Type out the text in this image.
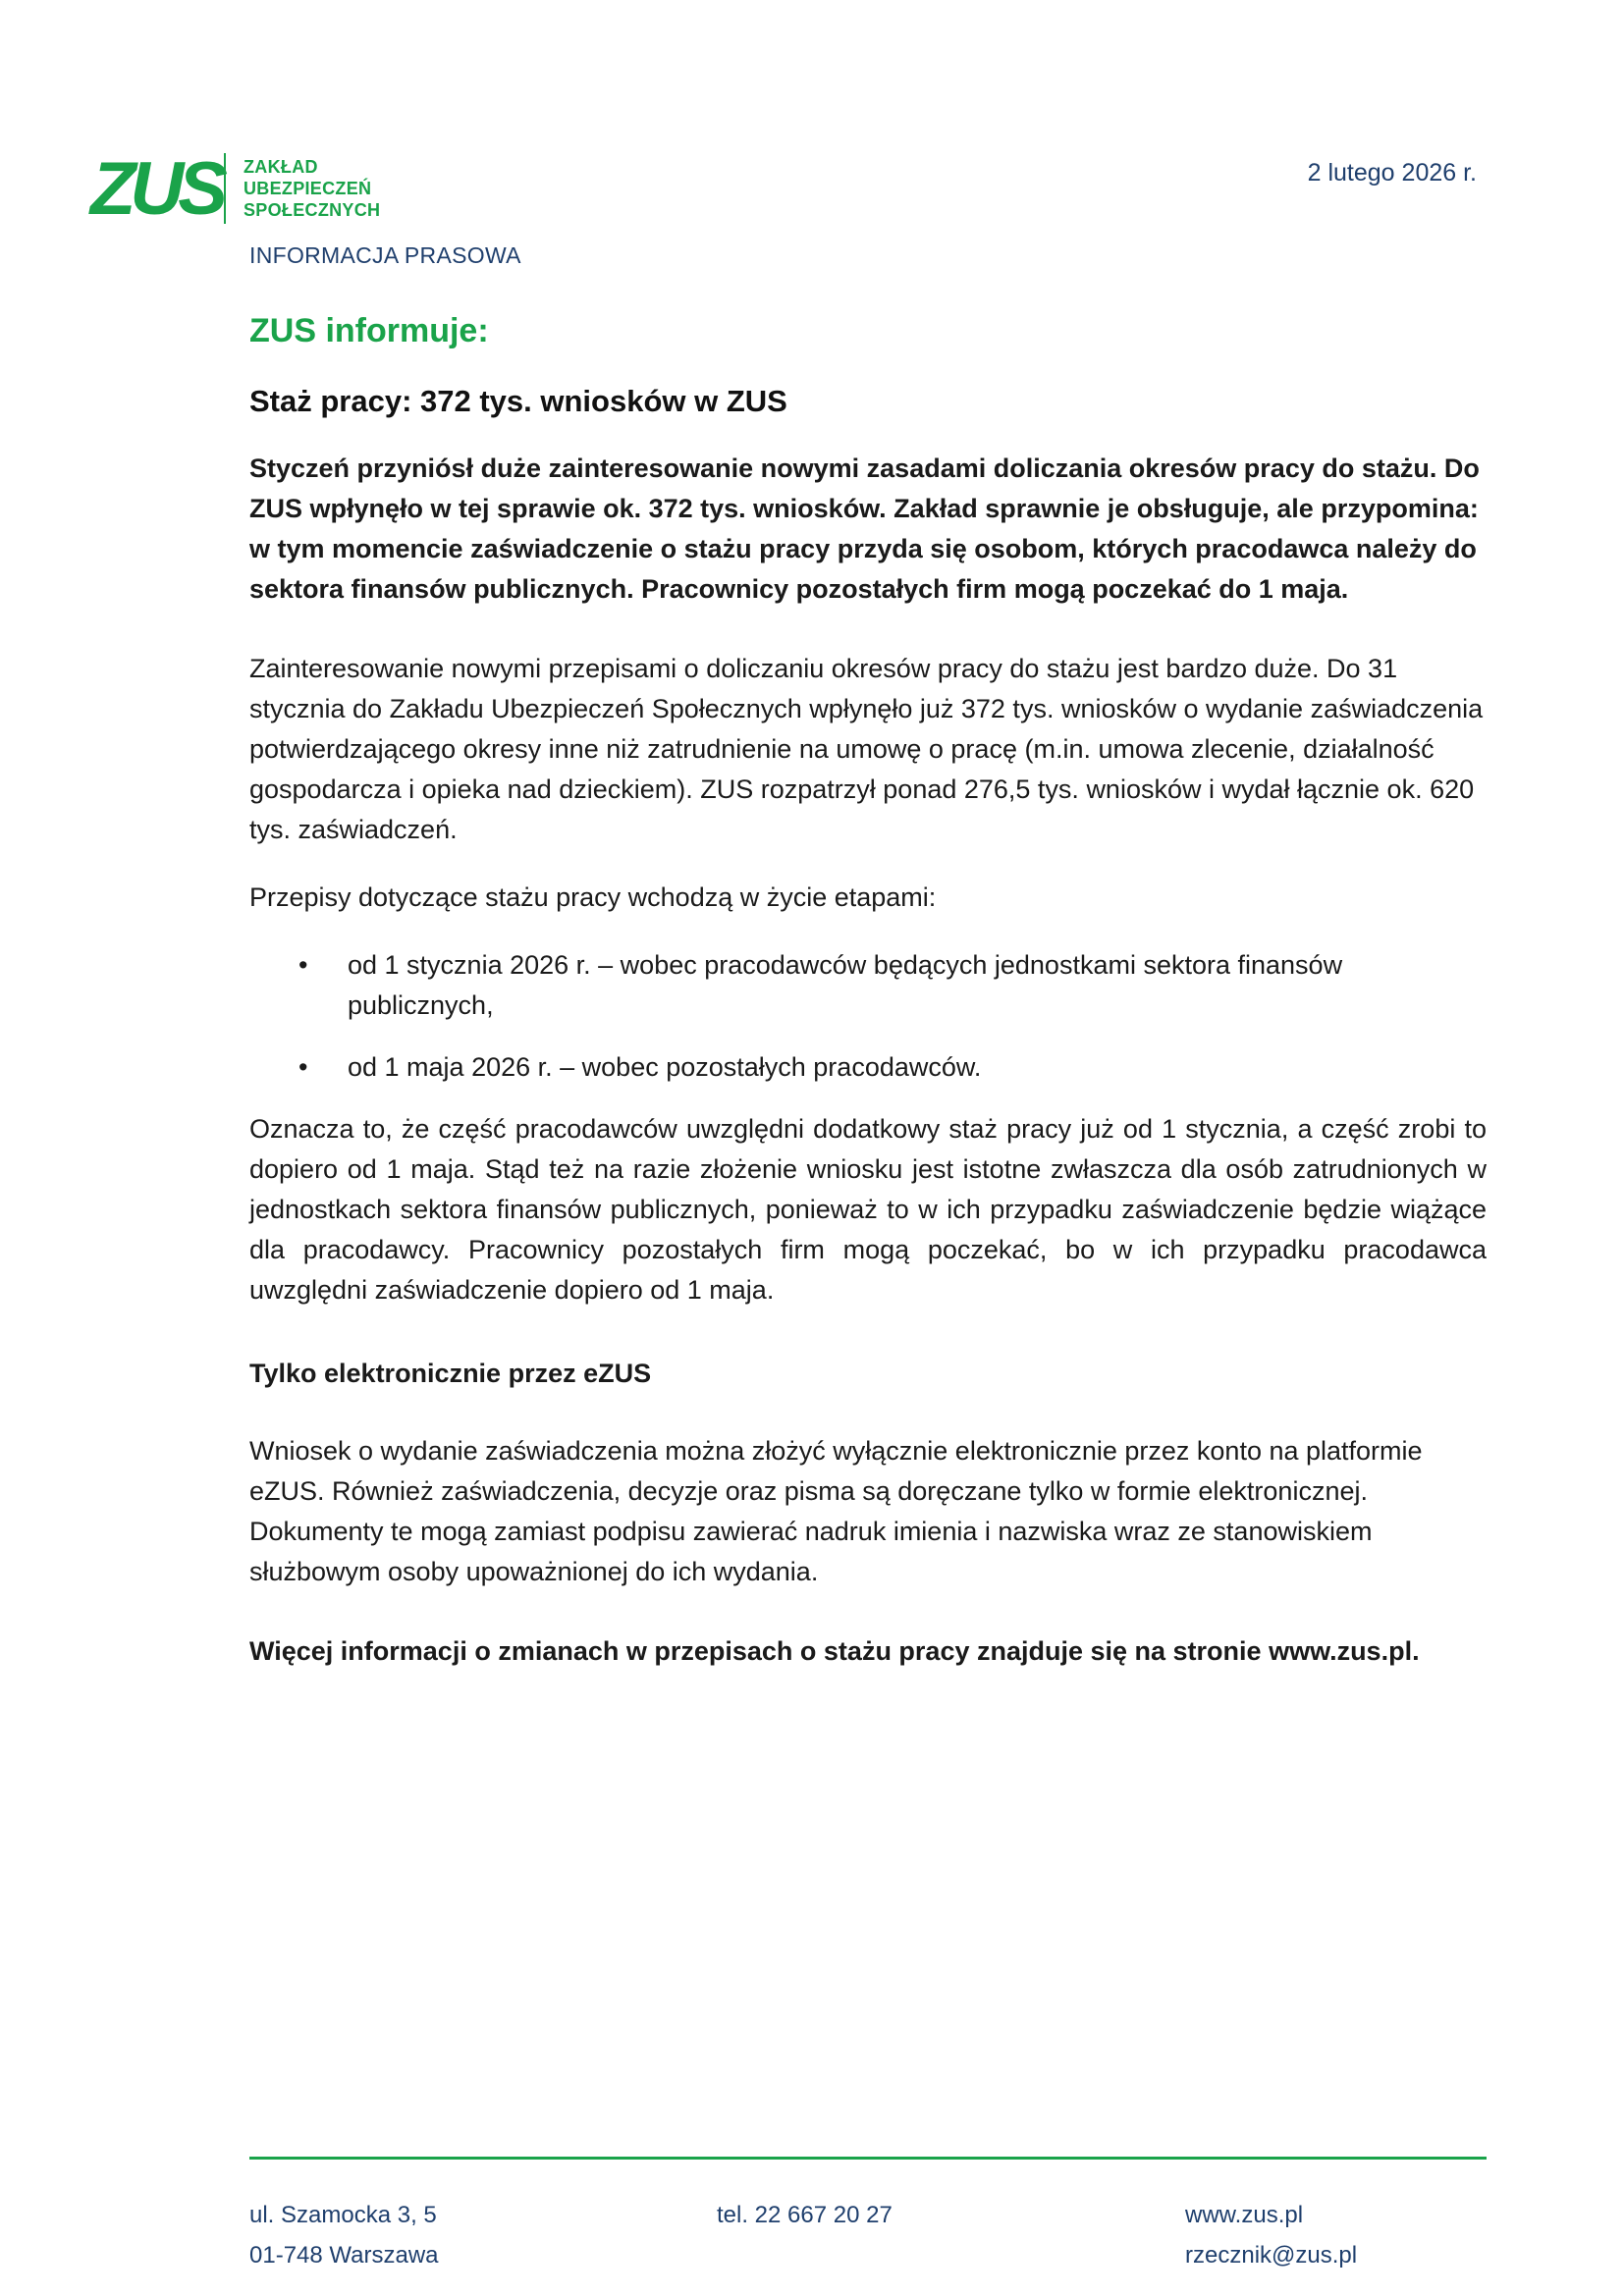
ZUS ZAKŁAD
UBEZPIECZEŃ
SPOŁECZNYCH
2 lutego 2026 r.
INFORMACJA PRASOWA
ZUS informuje:
Staż pracy: 372 tys. wniosków w ZUS

Styczeń przyniósł duże zainteresowanie nowymi zasadami doliczania okresów pracy do stażu. Do ZUS wpłynęło w tej sprawie ok. 372 tys. wniosków. Zakład sprawnie je obsługuje, ale przypomina: w tym momencie zaświadczenie o stażu pracy przyda się osobom, których pracodawca należy do sektora finansów publicznych. Pracownicy pozostałych firm mogą poczekać do 1 maja.

Zainteresowanie nowymi przepisami o doliczaniu okresów pracy do stażu jest bardzo duże. Do 31 stycznia do Zakładu Ubezpieczeń Społecznych wpłynęło już 372 tys. wniosków o wydanie zaświadczenia potwierdzającego okresy inne niż zatrudnienie na umowę o pracę (m.in. umowa zlecenie, działalność gospodarcza i opieka nad dzieckiem). ZUS rozpatrzył ponad 276,5 tys. wniosków i wydał łącznie ok. 620 tys. zaświadczeń.

Przepisy dotyczące stażu pracy wchodzą w życie etapami:

• od 1 stycznia 2026 r. – wobec pracodawców będących jednostkami sektora finansów publicznych,
• od 1 maja 2026 r. – wobec pozostałych pracodawców.

Oznacza to, że część pracodawców uwzględni dodatkowy staż pracy już od 1 stycznia, a część zrobi to dopiero od 1 maja. Stąd też na razie złożenie wniosku jest istotne zwłaszcza dla osób zatrudnionych w jednostkach sektora finansów publicznych, ponieważ to w ich przypadku zaświadczenie będzie wiążące dla pracodawcy. Pracownicy pozostałych firm mogą poczekać, bo w ich przypadku pracodawca uwzględni zaświadczenie dopiero od 1 maja.

Tylko elektronicznie przez eZUS

Wniosek o wydanie zaświadczenia można złożyć wyłącznie elektronicznie przez konto na platformie eZUS. Również zaświadczenia, decyzje oraz pisma są doręczane tylko w formie elektronicznej. Dokumenty te mogą zamiast podpisu zawierać nadruk imienia i nazwiska wraz ze stanowiskiem służbowym osoby upoważnionej do ich wydania.

Więcej informacji o zmianach w przepisach o stażu pracy znajduje się na stronie www.zus.pl.

ul. Szamocka 3, 5
01-748 Warszawa
tel. 22 667 20 27	www.zus.pl
rzecznik@zus.pl
